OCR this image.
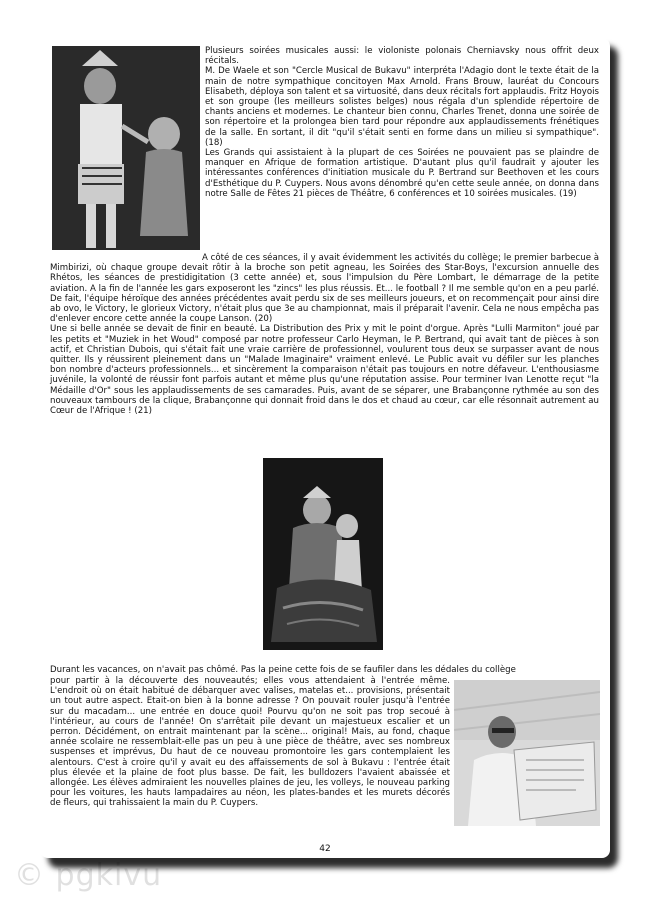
Plusieurs soirées musicales aussi: le violoniste polonais Cherniavsky nous offrit deux récitals.

M. De Waele et son "Cercle Musical de Bukavu" interpréta l'Adagio dont le texte était de la main de notre sympathique concitoyen Max Arnold. Frans Brouw, lauréat du Concours Elisabeth, déploya son talent et sa virtuosité, dans deux récitals fort applaudis. Fritz Hoyois et son groupe (les meilleurs solistes belges) nous régala d'un splendide répertoire de chants anciens et modernes. Le chanteur bien connu, Charles Trenet, donna une soirée de son répertoire et la prolongea bien tard pour répondre aux applaudissements frénétiques de la salle. En sortant, il dit "qu'il s'était senti en forme dans un milieu si sympathique". (18)

Les Grands qui assistaient à la plupart de ces Soirées ne pouvaient pas se plaindre de manquer en Afrique de formation artistique. D'autant plus qu'il faudrait y ajouter les intéressantes conférences d'initiation musicale du P. Bertrand sur Beethoven et les cours d'Esthétique du P. Cuypers. Nous avons dénombré qu'en cette seule année, on donna dans notre Salle de Fêtes 21 pièces de Théâtre, 6 conférences et 10 soirées musicales. (19)

A côté de ces séances, il y avait évidemment les activités du collège; le premier barbecue à Mimbirizi, où chaque groupe devait rôtir à la broche son petit agneau, les Soirées des Star-Boys, l'excursion annuelle des Rhétos, les séances de prestidigitation (3 cette année) et, sous l'impulsion du Père Lombart, le démarrage de la petite aviation. A la fin de l'année les gars exposeront les "zincs" les plus réussis. Et... le football ? Il me semble qu'on en a peu parlé. De fait, l'équipe héroïque des années précédentes avait perdu six de ses meilleurs joueurs, et on recommençait pour ainsi dire ab ovo, le Victory, le glorieux Victory, n'était plus que 3e au championnat, mais il préparait l'avenir. Cela ne nous empêcha pas d'enlever encore cette année la coupe Lanson. (20)

Une si belle année se devait de finir en beauté. La Distribution des Prix y mit le point d'orgue. Après "Lulli Marmiton" joué par les petits et "Muziek in het Woud" composé par notre professeur Carlo Heyman, le P. Bertrand, qui avait tant de pièces à son actif, et Christian Dubois, qui s'était fait une vraie carrière de professionnel, voulurent tous deux se surpasser avant de nous quitter. Ils y réussirent pleinement dans un "Malade Imaginaire" vraiment enlevé. Le Public avait vu défiler sur les planches bon nombre d'acteurs professionnels... et sincèrement la comparaison n'était pas toujours en notre défaveur. L'enthousiasme juvénile, la volonté de réussir font parfois autant et même plus qu'une réputation assise. Pour terminer Ivan Lenotte reçut "la Médaille d'Or" sous les applaudissements de ses camarades. Puis, avant de se séparer, une Brabançonne rythmée au son des nouveaux tambours de la clique, Brabançonne qui donnait froid dans le dos et chaud au cœur, car elle résonnait autrement au Cœur de l'Afrique ! (21)

Durant les vacances, on n'avait pas chômé. Pas la peine cette fois de se faufiler dans les dédales du collège

pour partir à la découverte des nouveautés; elles vous attendaient à l'entrée même. L'endroit où on était habitué de débarquer avec valises, matelas et... provisions, présentait un tout autre aspect. Etait-on bien à la bonne adresse ? On pouvait rouler jusqu'à l'entrée sur du macadam... une entrée en douce quoi! Pourvu qu'on ne soit pas trop secoué à l'intérieur, au cours de l'année! On s'arrêtait pile devant un majestueux escalier et un perron. Décidément, on entrait maintenant par la scène... original! Mais, au fond, chaque année scolaire ne ressemblait-elle pas un peu à une pièce de théâtre, avec ses nombreux suspenses et imprévus, Du haut de ce nouveau promontoire les gars contemplaient les alentours. C'est à croire qu'il y avait eu des affaissements de sol à Bukavu : l'entrée était plus élevée et la plaine de foot plus basse. De fait, les bulldozers l'avaient abaissée et allongée. Les élèves admiraient les nouvelles plaines de jeu, les volleys, le nouveau parking pour les voitures, les hauts lampadaires au néon, les plates-bandes et les murets décorés de fleurs, qui trahissaient la main du P. Cuypers.

42
© pgkivu
